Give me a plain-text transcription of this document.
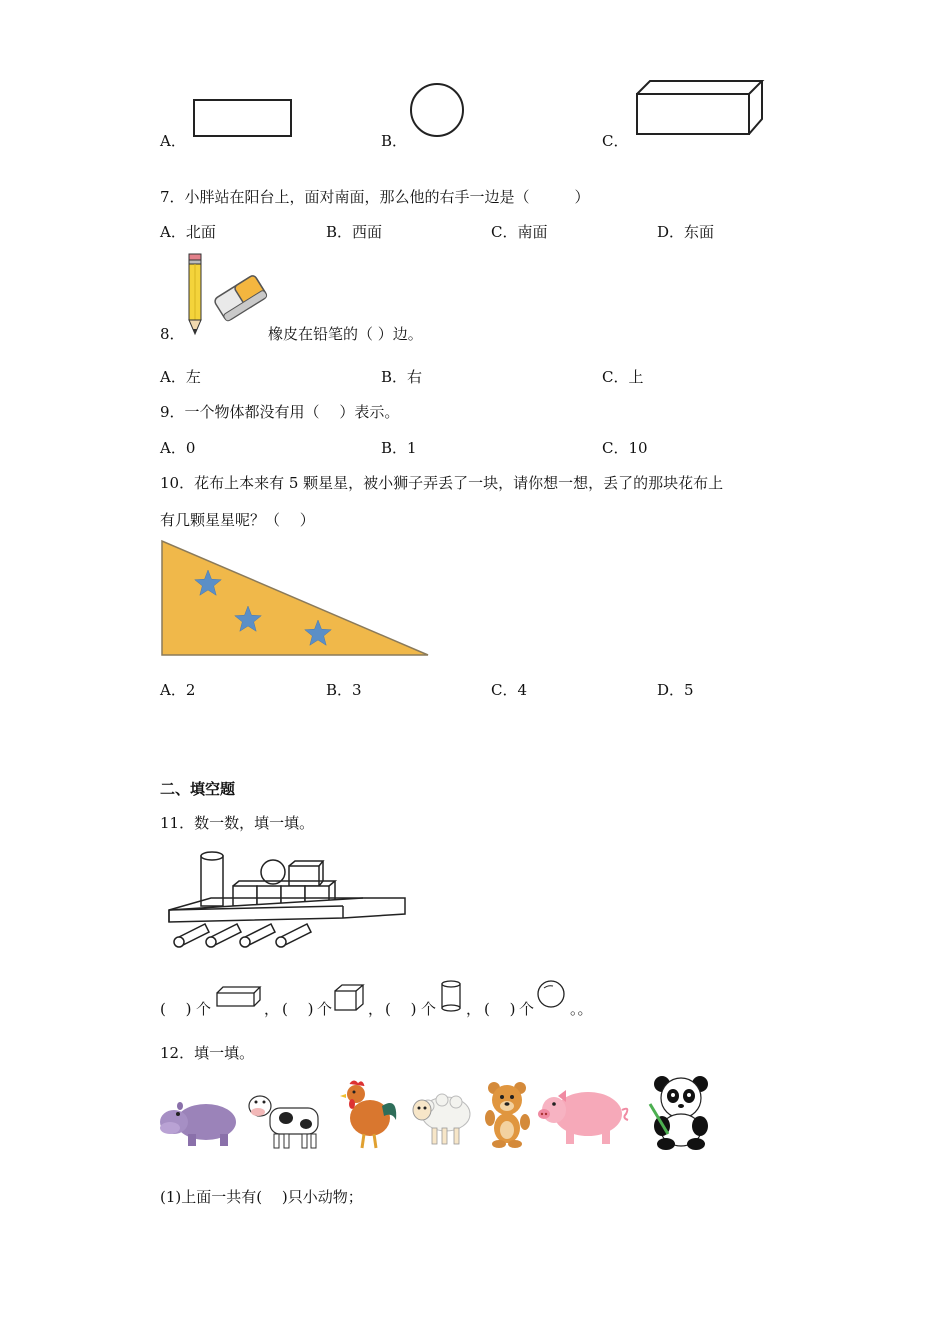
A．	B．	C．
7．小胖站在阳台上，面对南面，那么他的右手一边是（　　　）
A．北面	B．西面	C．南面	D．东面
8．	橡皮在铅笔的（ ）边。
A．左	B．右	C．上
9．一个物体都没有用（　 ）表示。
A．0	B．1	C．10
10．花布上本来有 5 颗星星，被小狮子弄丢了一块，请你想一想，丢了的那块花布上
有几颗星星呢？（　 ）
A．2	B．3	C．4	D．5
二、填空题
11．数一数，填一填。
(　 ) 个	， (　 ) 个 ， (　 ) 个 ， (　 ) 个 。。
12．填一填。
(1)上面一共有(　 )只小动物；
